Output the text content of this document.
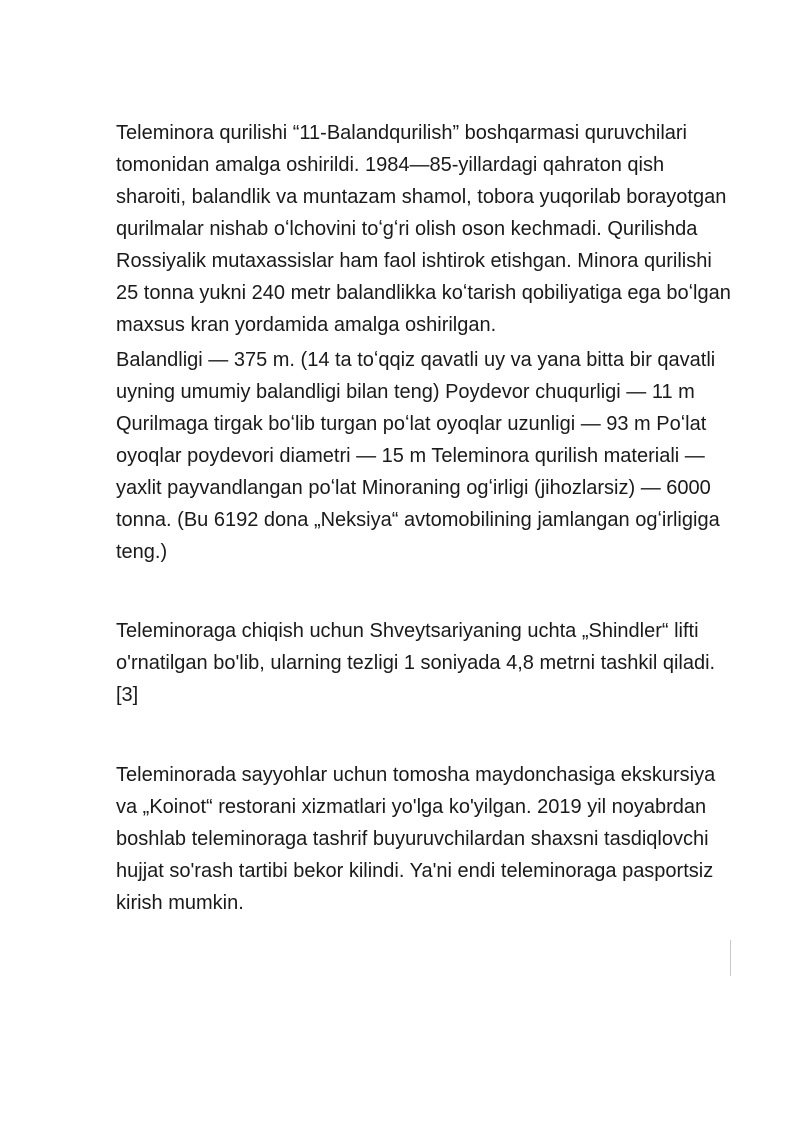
Teleminora qurilishi “11-Balandqurilish” boshqarmasi quruvchilari tomonidan amalga oshirildi. 1984—85-yillardagi qahraton qish sharoiti, balandlik va muntazam shamol, tobora yuqorilab borayotgan qurilmalar nishab oʻlchovini toʻgʻri olish oson kechmadi. Qurilishda Rossiyalik mutaxassislar ham faol ishtirok etishgan. Minora qurilishi 25 tonna yukni 240 metr balandlikka koʻtarish qobiliyatiga ega boʻlgan maxsus kran yordamida amalga oshirilgan.

Balandligi — 375 m. (14 ta toʻqqiz qavatli uy va yana bitta bir qavatli uyning umumiy balandligi bilan teng) Poydevor chuqurligi — 11 m Qurilmaga tirgak boʻlib turgan poʻlat oyoqlar uzunligi — 93 m Poʻlat oyoqlar poydevori diametri — 15 m Teleminora qurilish materiali — yaxlit payvandlangan poʻlat Minoraning ogʻirligi (jihozlarsiz) — 6000 tonna. (Bu 6192 dona „Neksiya“ avtomobilining jamlangan ogʻirligiga teng.)

Teleminoraga chiqish uchun Shveytsariyaning uchta „Shindler“ lifti o'rnatilgan bo'lib, ularning tezligi 1 soniyada 4,8 metrni tashkil qiladi.[3]

Teleminorada sayyohlar uchun tomosha maydonchasiga ekskursiya va „Koinot“ restorani xizmatlari yo'lga ko'yilgan. 2019 yil noyabrdan boshlab teleminoraga tashrif buyuruvchilardan shaxsni tasdiqlovchi hujjat so'rash tartibi bekor kilindi. Ya'ni endi teleminoraga pasportsiz kirish mumkin.
